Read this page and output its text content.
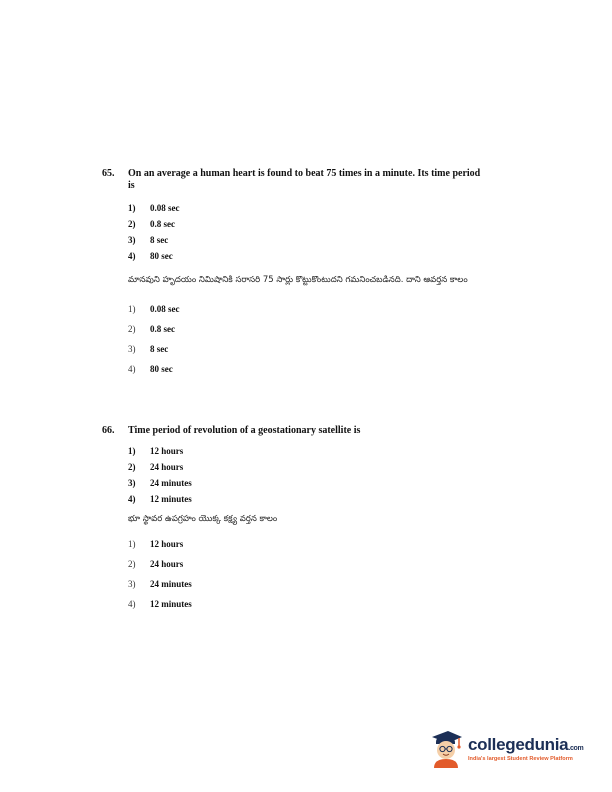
65. On an average a human heart is found to beat 75 times in a minute. Its time period is

1)	0.08 sec
2)	0.8 sec
3)	8 sec
4)	80 sec

మానవుని హృదయం నిమిషానికి సరాసరి 75 సార్లు కొట్టుకొంటుదని గమనించబడినది. దాని ఆవర్తన కాలం

1)	0.08 sec
2)	0.8 sec
3)	8 sec
4)	80 sec
66. Time period of revolution of a geostationary satellite is

1)	12 hours
2)	24 hours
3)	24 minutes
4)	12 minutes

భూ స్థావర ఉపగ్రహం యొక్క కక్ష్య వర్తన కాలం

1)	12 hours
2)	24 hours
3)	24 minutes
4)	12 minutes
collegedunia.com
India's largest Student Review Platform
